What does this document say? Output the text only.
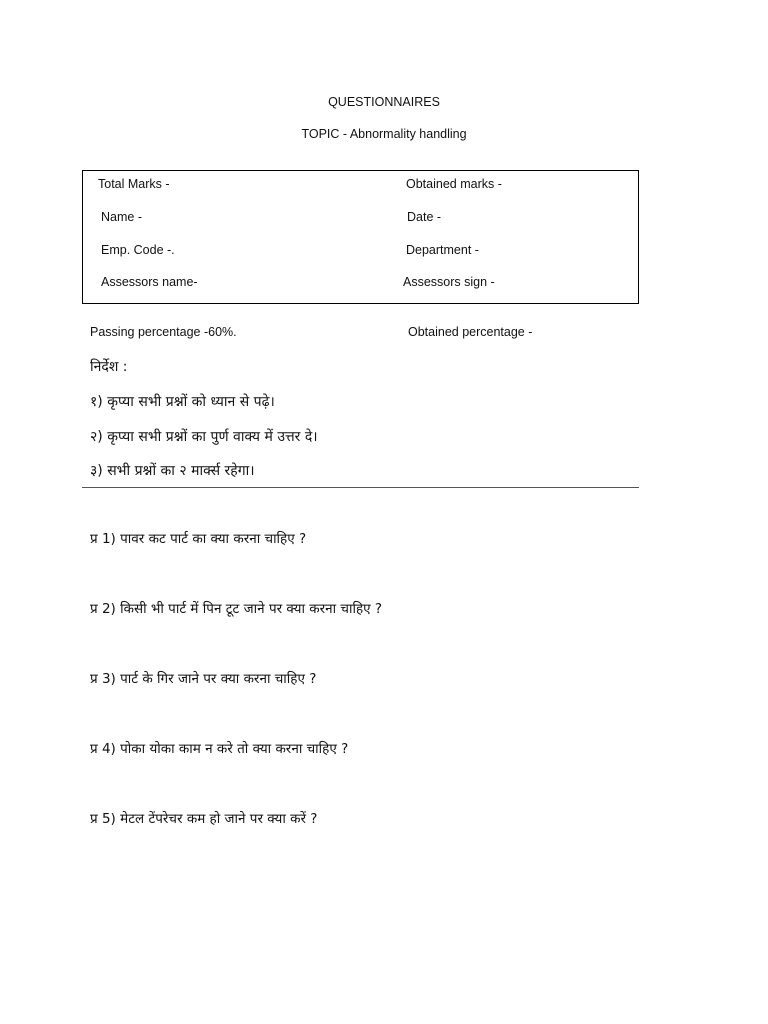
QUESTIONNAIRES
TOPIC - Abnormality handling
Total Marks -	Obtained marks -
Name -	Date -
Emp. Code -.	Department -
Assessors name-	Assessors sign -
Passing percentage -60%.	Obtained percentage -
निर्देश :
१) कृप्या सभी प्रश्नों को ध्यान से पढ़े।
२) कृप्या सभी प्रश्नों का पुर्ण वाक्य में उत्तर दे।
३) सभी प्रश्नों का २ मार्क्स रहेगा।
प्र 1) पावर कट पार्ट का क्या करना चाहिए ?
प्र 2) किसी भी पार्ट में पिन टूट जाने पर क्या करना चाहिए ?
प्र 3) पार्ट के गिर जाने पर क्या करना चाहिए ?
प्र 4) पोका योका काम न करे तो क्या करना चाहिए ?
प्र 5) मेटल टेंपरेचर कम हो जाने पर क्या करें ?
